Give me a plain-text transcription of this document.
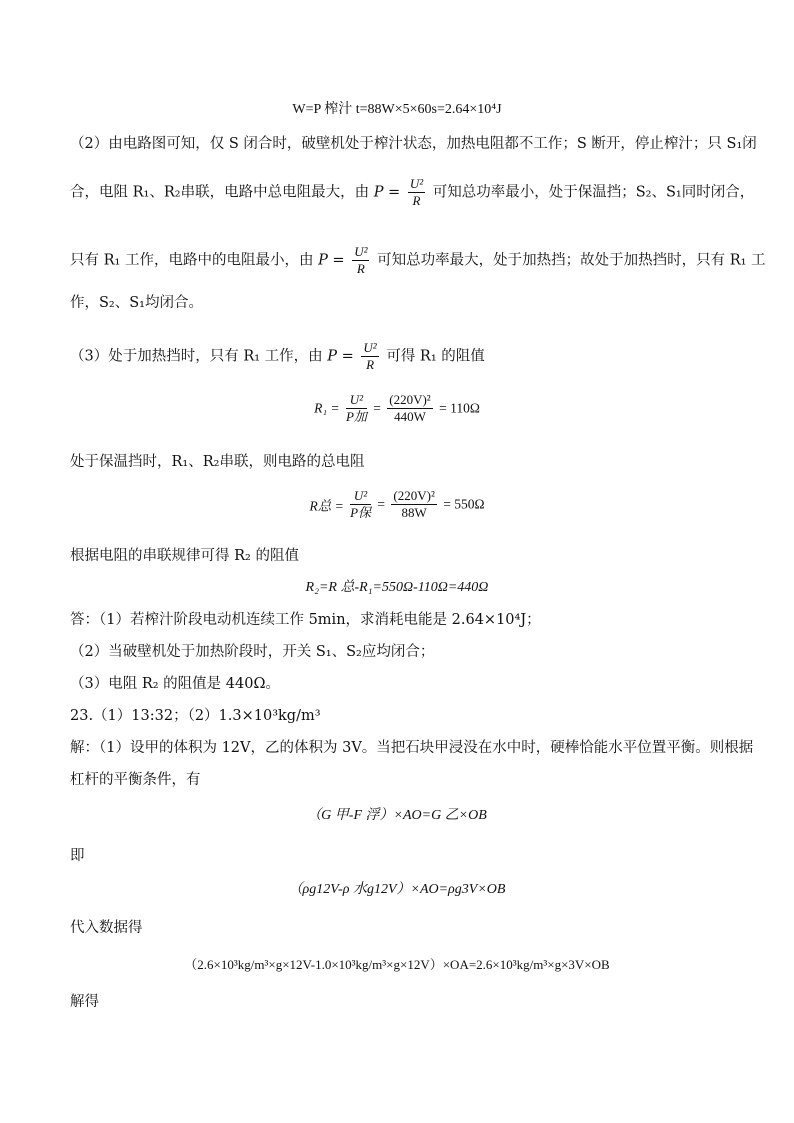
W=P 榨汁 t=88W×5×60s=2.64×10⁴J
（2）由电路图可知，仅 S 闭合时，破壁机处于榨汁状态，加热电阻都不工作；S 断开，停止榨汁；只 S₁闭
合，电阻 R₁、R₂串联，电路中总电阻最大，由 $P = \frac{\text{U²}}{R}$ 可知总功率最小，处于保温挡；S₂、S₁同时闭合，
只有 R₁ 工作，电路中的电阻最小，由 $P = \frac{\text{U²}}{R}$ 可知总功率最大，处于加热挡；故处于加热挡时，只有 R₁ 工
作，S₂、S₁均闭合。
（3）处于加热挡时，只有 R₁ 工作，由 $P = \frac{\text{U²}}{R}$ 可得 R₁ 的阻值
$R_1 = \frac{\text{U²}}{\text{P加}} = \frac{\text{(220V)²}}{440W} = 110\Omega$
处于保温挡时，R₁、R₂串联，则电路的总电阻
R总 = $\frac{\text{U²}}{\text{P保}} = \frac{\text{(220V)²}}{88W} = 550\Omega$
根据电阻的串联规律可得 R₂ 的阻值
R₂=R 总-R₁=550Ω-110Ω=440Ω
答：（1）若榨汁阶段电动机连续工作 5min，求消耗电能是 2.64×10⁴J；
（2）当破壁机处于加热阶段时，开关 S₁、S₂应均闭合；
（3）电阻 R₂ 的阻值是 440Ω。
23.（1）13:32；（2）1.3×10³kg/m³
解：（1）设甲的体积为 12V，乙的体积为 3V。当把石块甲浸没在水中时，硬棒恰能水平位置平衡。则根据
杠杆的平衡条件，有
（G 甲-F 浮）×AO=G 乙×OB
即
（ρg12V-ρ 水g12V）×AO=ρg3V×OB
代入数据得
（2.6×10³kg/m³×g×12V-1.0×10³kg/m³×g×12V）×OA=2.6×10³kg/m³×g×3V×OB
解得
